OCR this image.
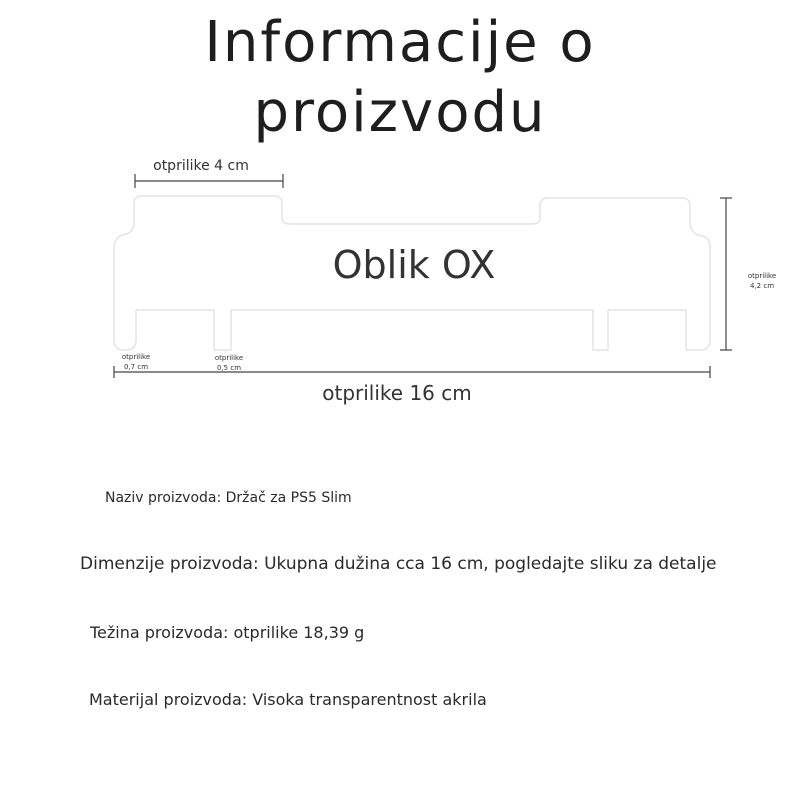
Informacije o
proizvodu
otprilike 4 cm
Oblik OX	otprilike
4,2 cm
otprilike
0,7 cm
otprilike
0,5 cm
otprilike 16 cm
Naziv proizvoda: Držač za PS5 Slim
Dimenzije proizvoda: Ukupna dužina cca 16 cm, pogledajte sliku za detalje
Težina proizvoda: otprilike 18,39 g
Materijal proizvoda: Visoka transparentnost akrila
